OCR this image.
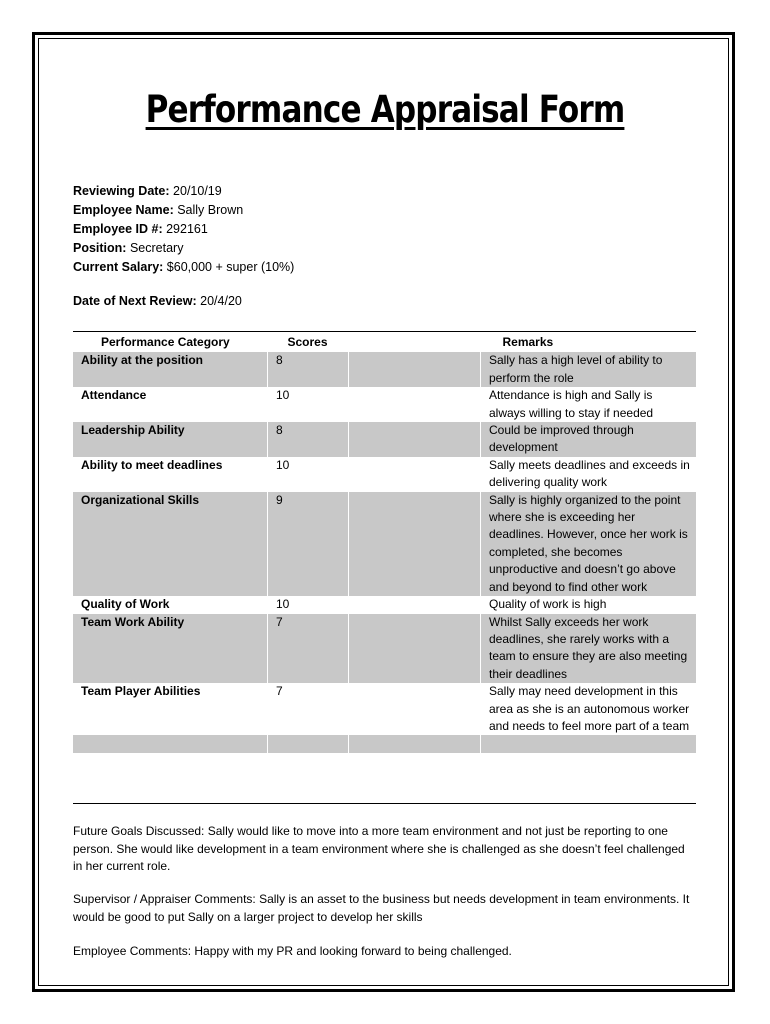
Performance Appraisal Form
Reviewing Date: 20/10/19
Employee Name: Sally Brown
Employee ID #: 292161
Position: Secretary
Current Salary: $60,000 + super (10%)
Date of Next Review: 20/4/20
Performance Category	Scores		Remarks
Ability at the position	8		Sally has a high level of ability to perform the role
Attendance	10		Attendance is high and Sally is always willing to stay if needed
Leadership Ability	8		Could be improved through development
Ability to meet deadlines	10		Sally meets deadlines and exceeds in delivering quality work
Organizational Skills	9		Sally is highly organized to the point where she is exceeding her deadlines. However, once her work is completed, she becomes unproductive and doesn’t go above and beyond to find other work
Quality of Work	10		Quality of work is high
Team Work Ability	7		Whilst Sally exceeds her work deadlines, she rarely works with a team to ensure they are also meeting their deadlines
Team Player Abilities	7		Sally may need development in this area as she is an autonomous worker and needs to feel more part of a team

Future Goals Discussed: Sally would like to move into a more team environment and not just be reporting to one person. She would like development in a team environment where she is challenged as she doesn’t feel challenged in her current role.
Supervisor / Appraiser Comments: Sally is an asset to the business but needs development in team environments. It would be good to put Sally on a larger project to develop her skills
Employee Comments: Happy with my PR and looking forward to being challenged.
